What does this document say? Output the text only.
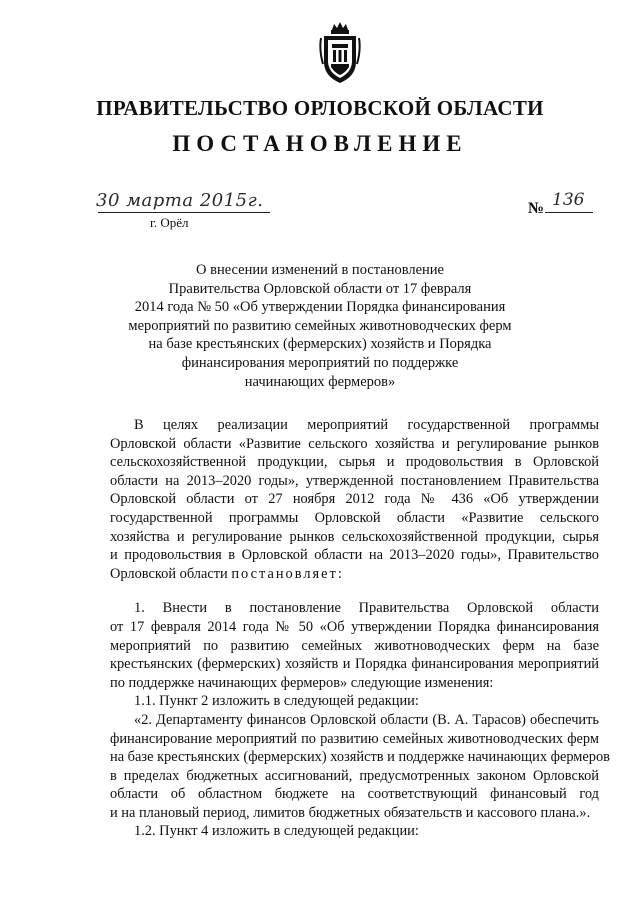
ПРАВИТЕЛЬСТВО ОРЛОВСКОЙ ОБЛАСТИ
ПОСТАНОВЛЕНИЕ
30 марта 2015г.
г. Орёл
№ 136
О внесении изменений в постановление
Правительства Орловской области от 17 февраля
2014 года № 50 «Об утверждении Порядка финансирования
мероприятий по развитию семейных животноводческих ферм
на базе крестьянских (фермерских) хозяйств и Порядка
финансирования мероприятий по поддержке
начинающих фермеров»
В целях реализации мероприятий государственной программы
Орловской области «Развитие сельского хозяйства и регулирование рынков
сельскохозяйственной продукции, сырья и продовольствия в Орловской
области на 2013–2020 годы», утвержденной постановлением Правительства
Орловской области от 27 ноября 2012 года № 436 «Об утверждении
государственной программы Орловской области «Развитие сельского
хозяйства и регулирование рынков сельскохозяйственной продукции, сырья
и продовольствия в Орловской области на 2013–2020 годы», Правительство
Орловской области постановляет:
1. Внести в постановление Правительства Орловской области
от 17 февраля 2014 года № 50 «Об утверждении Порядка финансирования
мероприятий по развитию семейных животноводческих ферм на базе
крестьянских (фермерских) хозяйств и Порядка финансирования мероприятий
по поддержке начинающих фермеров» следующие изменения:
1.1. Пункт 2 изложить в следующей редакции:
«2. Департаменту финансов Орловской области (В. А. Тарасов) обеспечить
финансирование мероприятий по развитию семейных животноводческих ферм
на базе крестьянских (фермерских) хозяйств и поддержке начинающих фермеров
в пределах бюджетных ассигнований, предусмотренных законом Орловской
области об областном бюджете на соответствующий финансовый год
и на плановый период, лимитов бюджетных обязательств и кассового плана.».
1.2. Пункт 4 изложить в следующей редакции:
